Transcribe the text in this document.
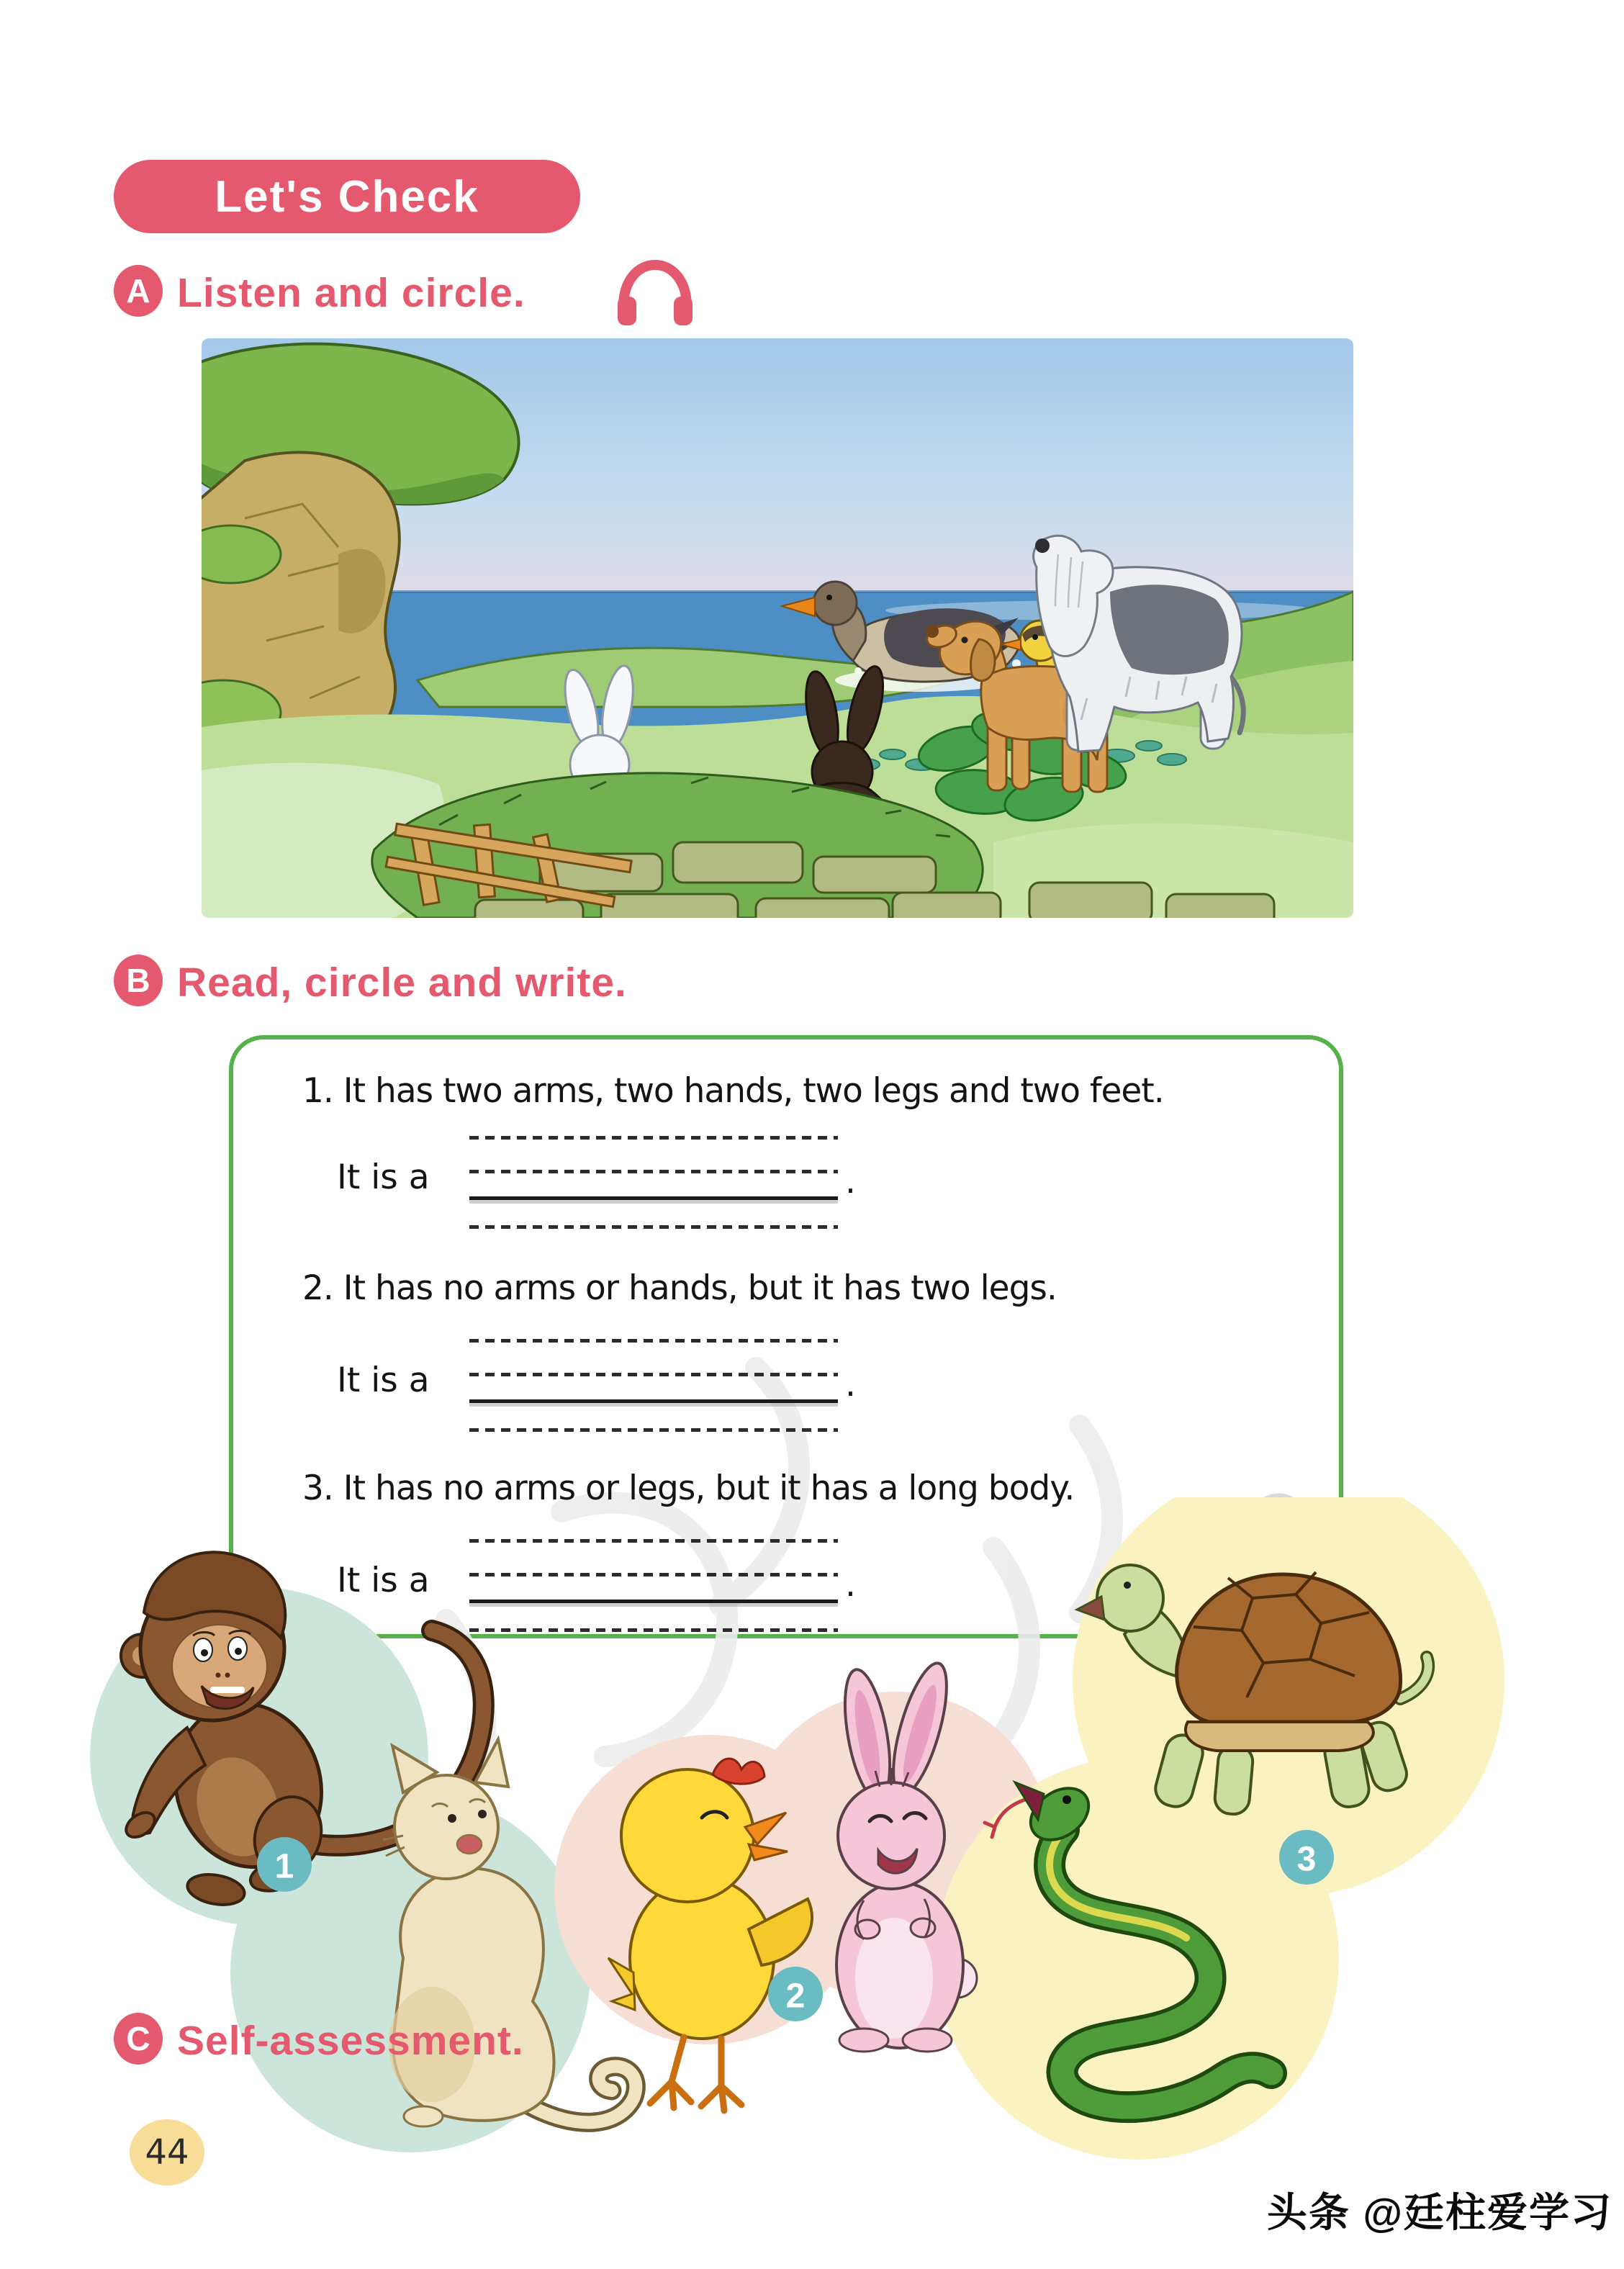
Let's Check
A Listen and circle.
B Read, circle and write.
1. It has two arms, two hands, two legs and two feet.
It is a	.
2. It has no arms or hands, but it has two legs.
It is a	.
3. It has no arms or legs, but it has a long body.
It is a	.
1
2
3
C Self-assessment.
44
头条 @廷柱爱学习
